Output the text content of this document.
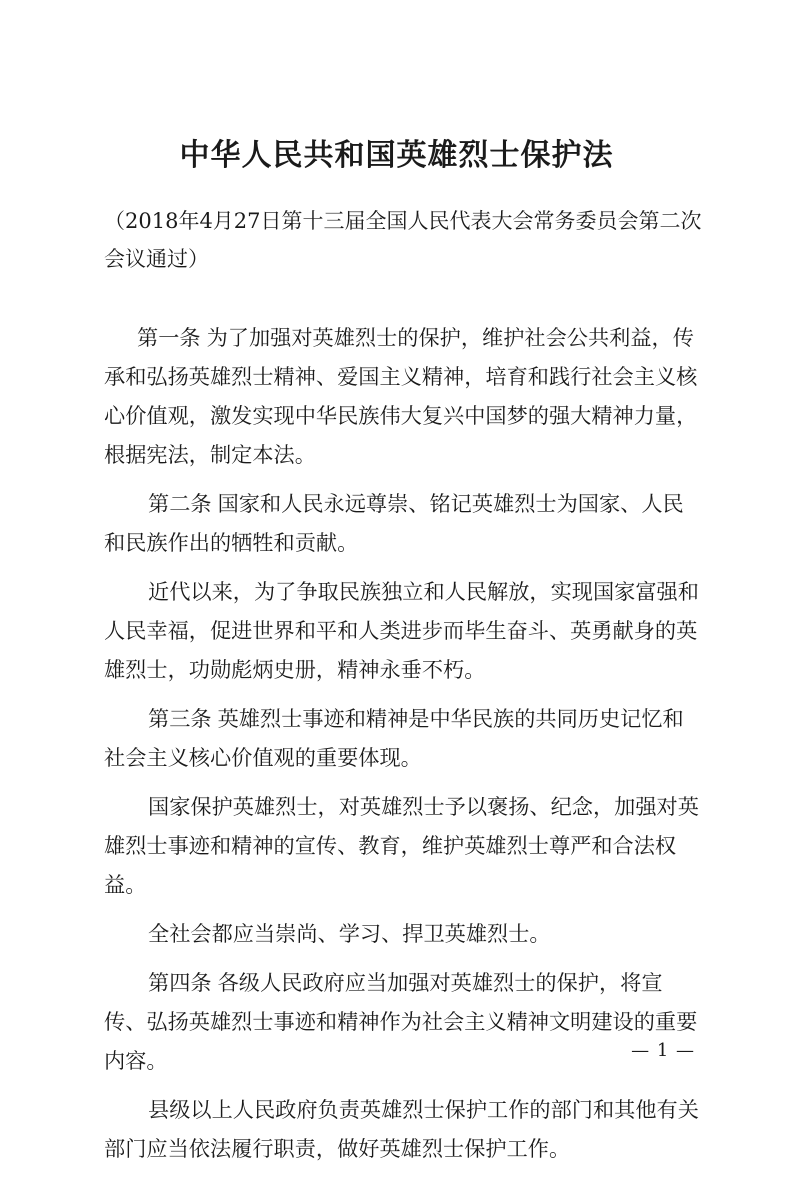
中华人民共和国英雄烈士保护法
（2018年4月27日第十三届全国人民代表大会常务委员会第二次会议通过）

第一条 为了加强对英雄烈士的保护，维护社会公共利益，传承和弘扬英雄烈士精神、爱国主义精神，培育和践行社会主义核心价值观，激发实现中华民族伟大复兴中国梦的强大精神力量，根据宪法，制定本法。

第二条 国家和人民永远尊崇、铭记英雄烈士为国家、人民和民族作出的牺牲和贡献。

近代以来，为了争取民族独立和人民解放，实现国家富强和人民幸福，促进世界和平和人类进步而毕生奋斗、英勇献身的英雄烈士，功勋彪炳史册，精神永垂不朽。

第三条 英雄烈士事迹和精神是中华民族的共同历史记忆和社会主义核心价值观的重要体现。

国家保护英雄烈士，对英雄烈士予以褒扬、纪念，加强对英雄烈士事迹和精神的宣传、教育，维护英雄烈士尊严和合法权益。

全社会都应当崇尚、学习、捍卫英雄烈士。

第四条 各级人民政府应当加强对英雄烈士的保护，将宣传、弘扬英雄烈士事迹和精神作为社会主义精神文明建设的重要内容。

县级以上人民政府负责英雄烈士保护工作的部门和其他有关部门应当依法履行职责，做好英雄烈士保护工作。

— 1 —
